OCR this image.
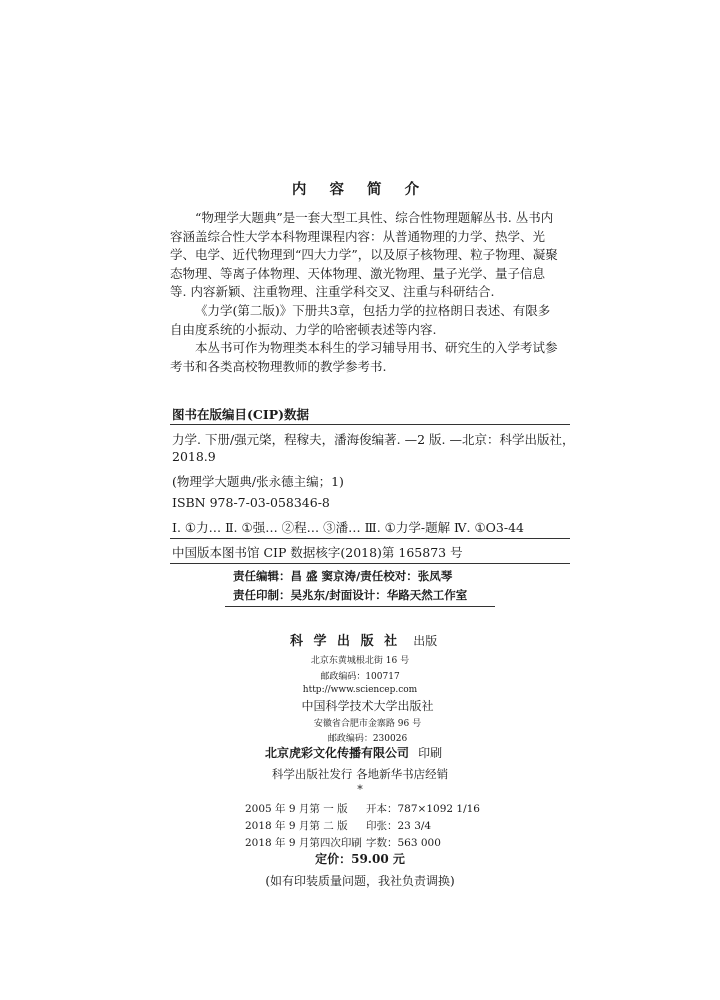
内 容 简 介

“物理学大题典”是一套大型工具性、综合性物理题解丛书. 丛书内容涵盖综合性大学本科物理课程内容：从普通物理的力学、热学、光学、电学、近代物理到“四大力学”，以及原子核物理、粒子物理、凝聚态物理、等离子体物理、天体物理、激光物理、量子光学、量子信息等. 内容新颖、注重物理、注重学科交叉、注重与科研结合.

《力学(第二版)》下册共3章，包括力学的拉格朗日表述、有限多自由度系统的小振动、力学的哈密顿表述等内容.

本丛书可作为物理类本科生的学习辅导用书、研究生的入学考试参考书和各类高校物理教师的教学参考书.

图书在版编目(CIP)数据
力学. 下册/强元棨，程稼夫，潘海俊编著. —2 版. —北京：科学出版社，
2018.9
(物理学大题典/张永德主编；1)
ISBN 978-7-03-058346-8
Ⅰ. ①力… Ⅱ. ①强… ②程… ③潘… Ⅲ. ①力学-题解 Ⅳ. ①O3-44
中国版本图书馆 CIP 数据核字(2018)第 165873 号
责任编辑：昌 盛 窦京涛/责任校对：张凤琴
责任印制：吴兆东/封面设计：华路天然工作室
科 学 出 版 社 出版
北京东黄城根北街 16 号
邮政编码：100717
http://www.sciencep.com
中国科学技术大学出版社
安徽省合肥市金寨路 96 号
邮政编码：230026
北京虎彩文化传播有限公司 印刷
科学出版社发行 各地新华书店经销
*
2005 年 9 月第 一 版 开本：787×1092 1/16
2018 年 9 月第 二 版 印张：23 3/4
2018 年 9 月第四次印刷 字数：563 000
定价：59.00 元
(如有印装质量问题，我社负责调换)
